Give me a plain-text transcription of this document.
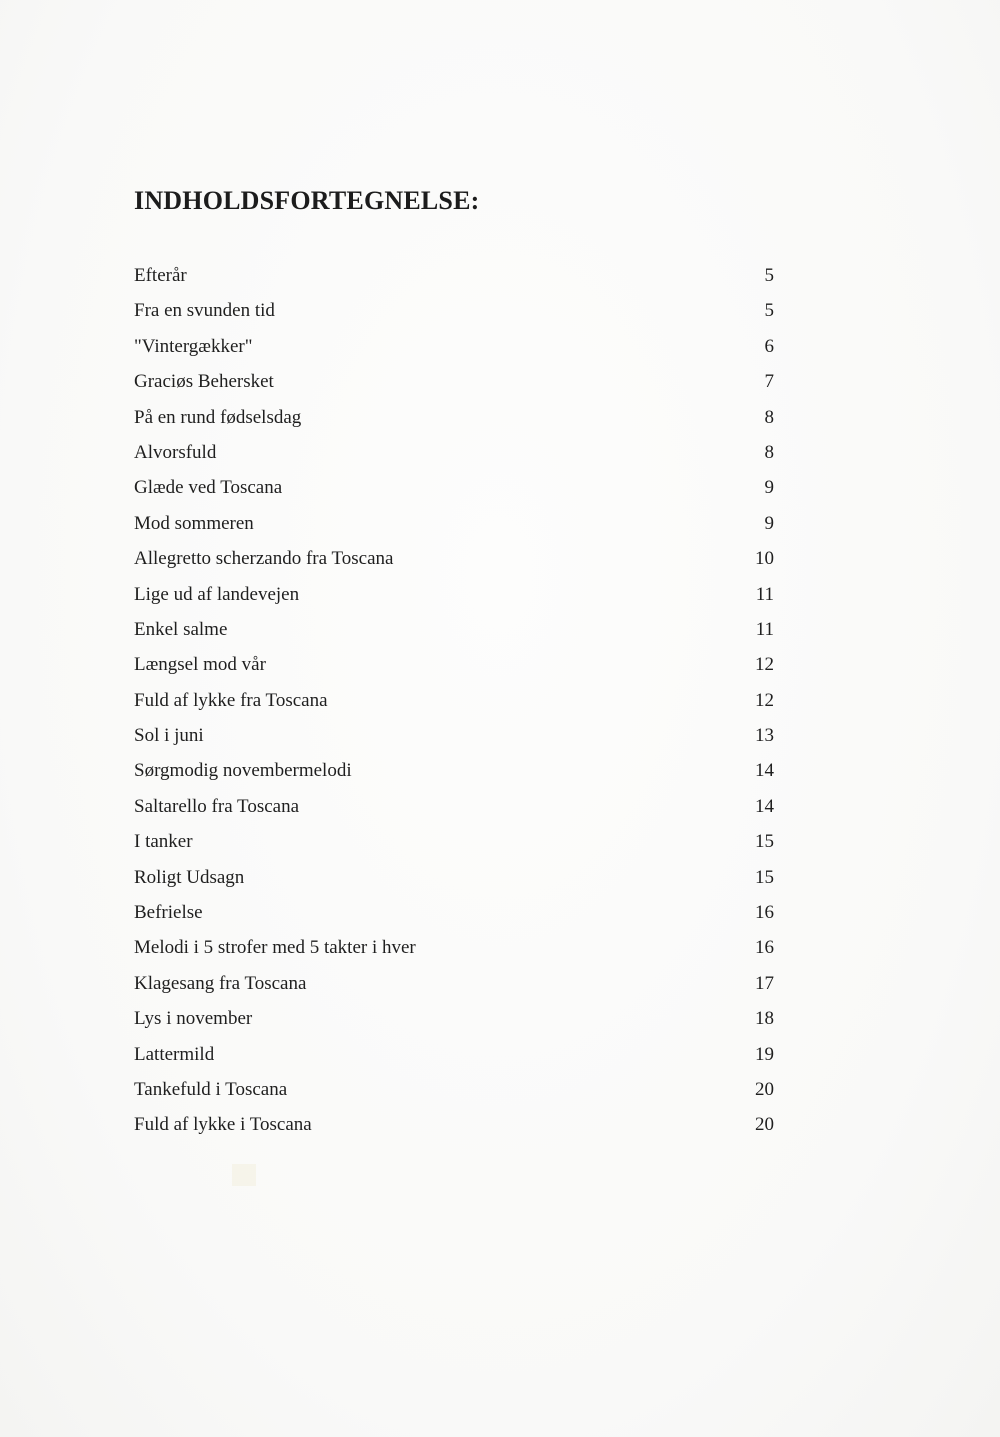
INDHOLDSFORTEGNELSE:
Efterår	5
Fra en svunden tid	5
"Vintergækker"	6
Graciøs Behersket	7
På en rund fødselsdag	8
Alvorsfuld	8
Glæde ved Toscana	9
Mod sommeren	9
Allegretto scherzando fra Toscana	10
Lige ud af landevejen	11
Enkel salme	11
Længsel mod vår	12
Fuld af lykke fra Toscana	12
Sol i juni	13
Sørgmodig novembermelodi	14
Saltarello fra Toscana	14
I tanker	15
Roligt Udsagn	15
Befrielse	16
Melodi i 5 strofer med 5 takter i hver	16
Klagesang fra Toscana	17
Lys i november	18
Lattermild	19
Tankefuld i Toscana	20
Fuld af lykke i Toscana	20
